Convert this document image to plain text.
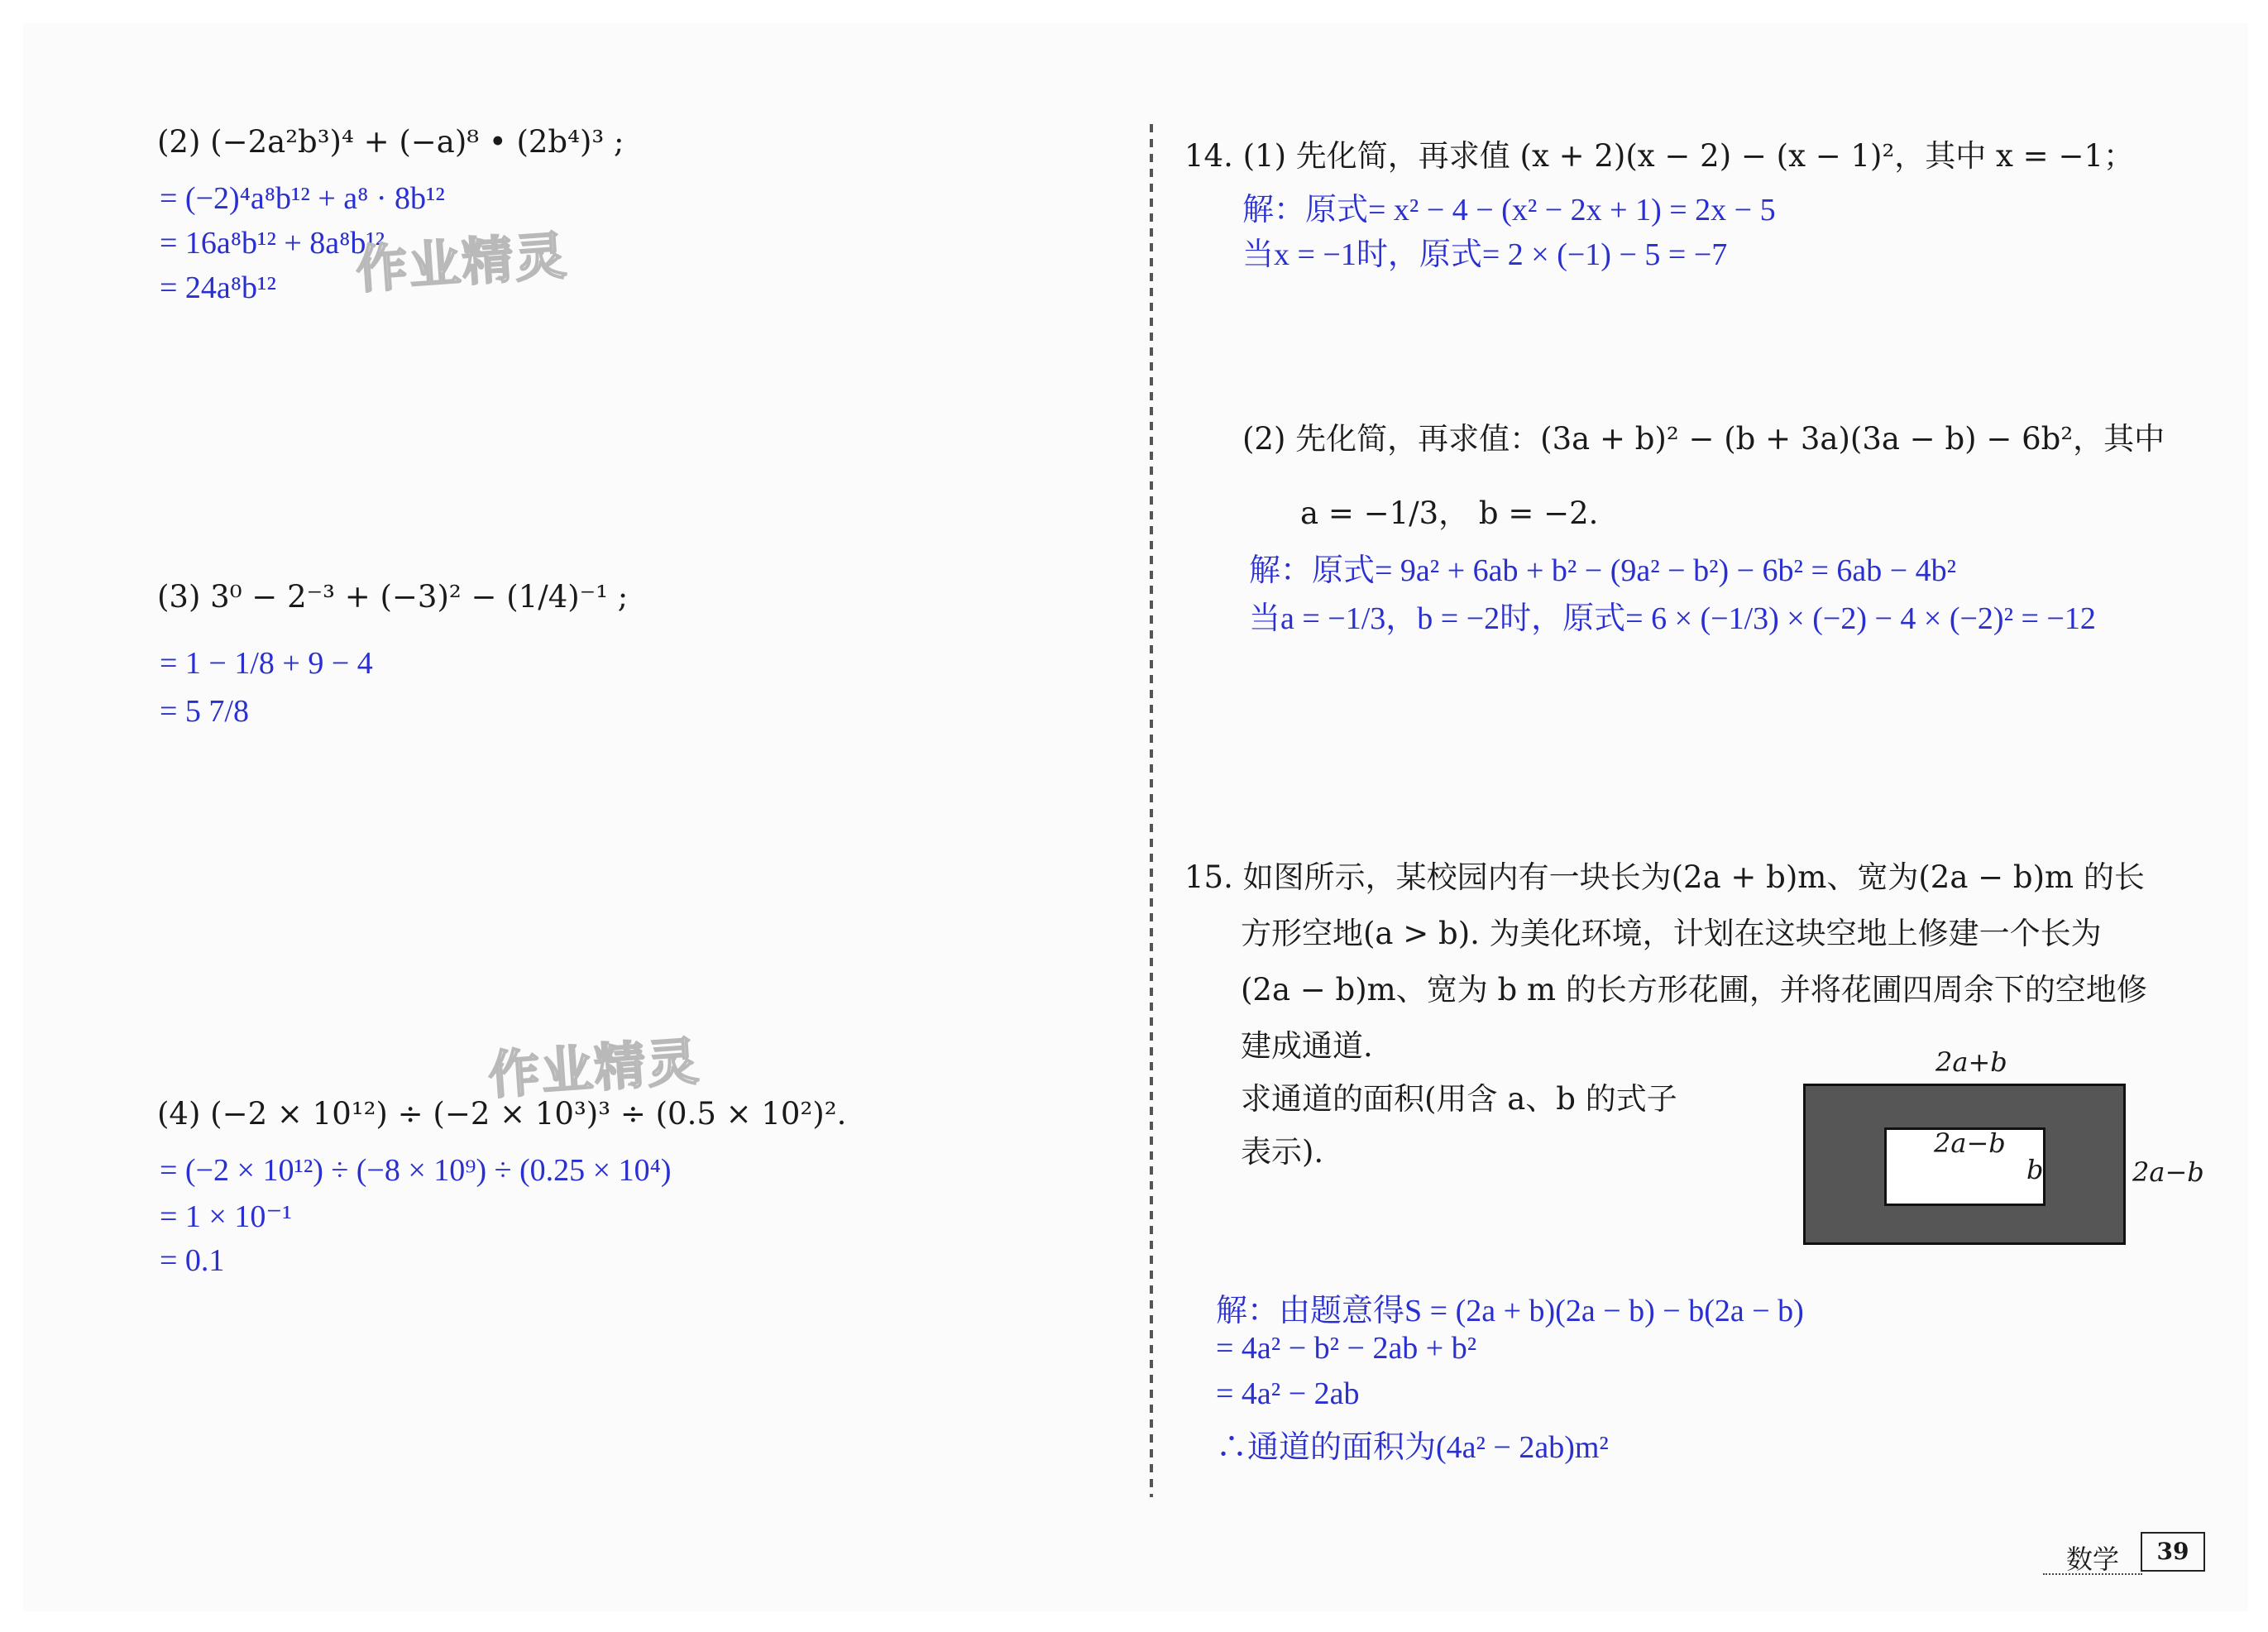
(2) (−2a²b³)⁴ + (−a)⁸ • (2b⁴)³ ;
= (−2)⁴a⁸b¹² + a⁸ · 8b¹²
= 16a⁸b¹² + 8a⁸b¹²
= 24a⁸b¹² 作业精灵
(3) 3⁰ − 2⁻³ + (−3)² − (1/4)⁻¹ ;
= 1 − 1/8 + 9 − 4
= 5 7/8
作业精灵
(4) (−2 × 10¹²) ÷ (−2 × 10³)³ ÷ (0.5 × 10²)².
= (−2 × 10¹²) ÷ (−8 × 10⁹) ÷ (0.25 × 10⁴)
= 1 × 10⁻¹
= 0.1
14. (1) 先化简，再求值 (x + 2)(x − 2) − (x − 1)²，其中 x = −1；
解：原式= x² − 4 − (x² − 2x + 1) = 2x − 5
当x = −1时，原式= 2 × (−1) − 5 = −7
(2) 先化简，再求值：(3a + b)² − (b + 3a)(3a − b) − 6b²，其中
a = −1/3， b = −2.
解：原式= 9a² + 6ab + b² − (9a² − b²) − 6b² = 6ab − 4b²
当a = −1/3，b = −2时，原式= 6 × (−1/3) × (−2) − 4 × (−2)² = −12
15. 如图所示，某校园内有一块长为(2a + b)m、宽为(2a − b)m 的长
方形空地(a > b). 为美化环境，计划在这块空地上修建一个长为
(2a − b)m、宽为 b m 的长方形花圃，并将花圃四周余下的空地修
建成通道.
求通道的面积(用含 a、b 的式子
表示).
2a+b
2a−b
b	2a−b
解：由题意得S = (2a + b)(2a − b) − b(2a − b)
= 4a² − b² − 2ab + b²
= 4a² − 2ab
∴通道的面积为(4a² − 2ab)m²
数学	39
